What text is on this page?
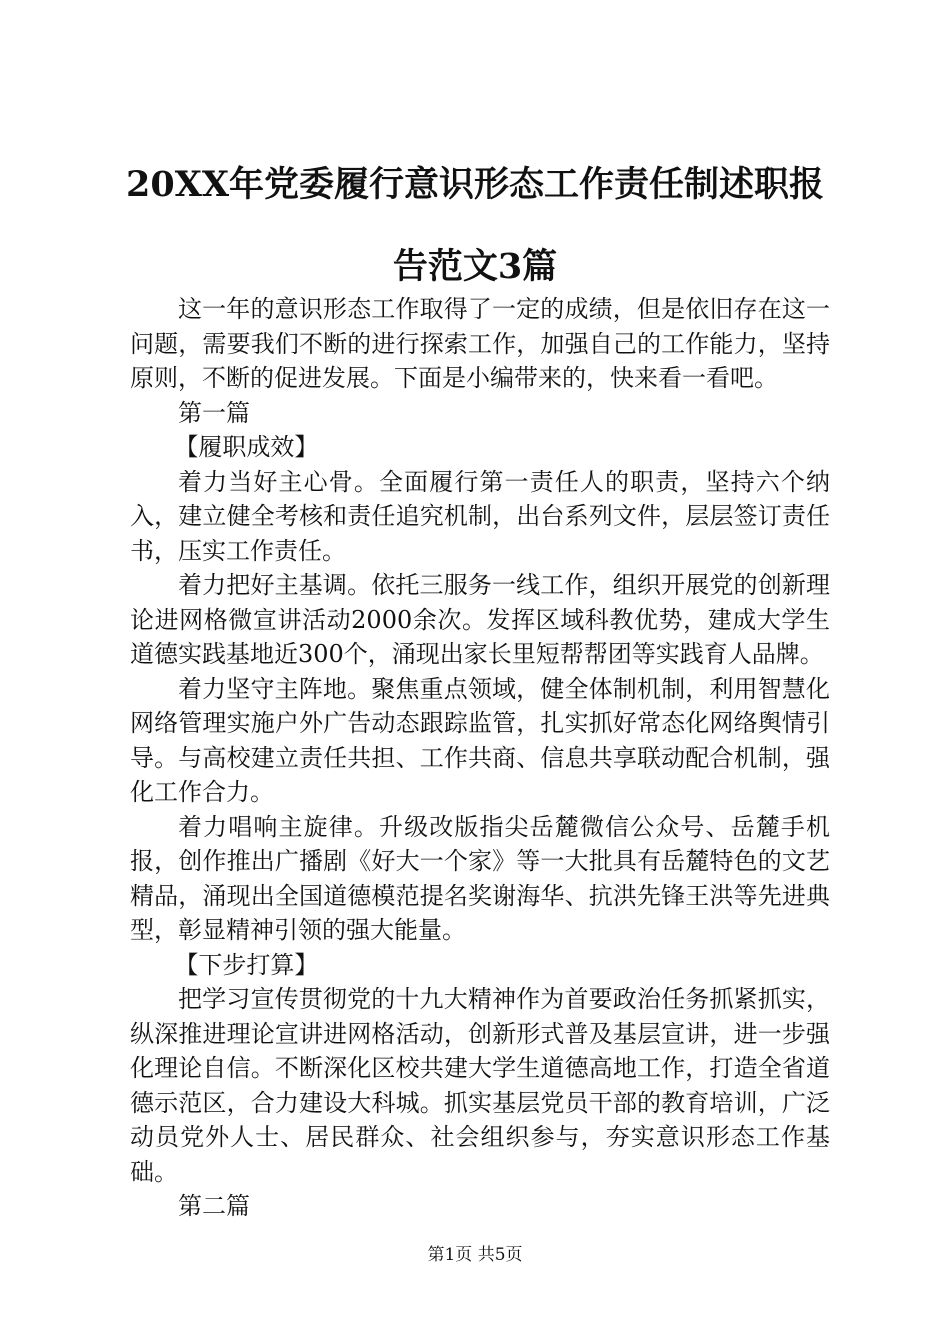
20XX年党委履行意识形态工作责任制述职报
告范文3篇

这一年的意识形态工作取得了一定的成绩，但是依旧存在这一问题，需要我们不断的进行探索工作，加强自己的工作能力，坚持原则，不断的促进发展。下面是小编带来的，快来看一看吧。

第一篇

【履职成效】

着力当好主心骨。全面履行第一责任人的职责，坚持六个纳入，建立健全考核和责任追究机制，出台系列文件，层层签订责任书，压实工作责任。

着力把好主基调。依托三服务一线工作，组织开展党的创新理论进网格微宣讲活动2000余次。发挥区域科教优势，建成大学生道德实践基地近300个，涌现出家长里短帮帮团等实践育人品牌。

着力坚守主阵地。聚焦重点领域，健全体制机制，利用智慧化网络管理实施户外广告动态跟踪监管，扎实抓好常态化网络舆情引导。与高校建立责任共担、工作共商、信息共享联动配合机制，强化工作合力。

着力唱响主旋律。升级改版指尖岳麓微信公众号、岳麓手机报，创作推出广播剧《好大一个家》等一大批具有岳麓特色的文艺精品，涌现出全国道德模范提名奖谢海华、抗洪先锋王洪等先进典型，彰显精神引领的强大能量。

【下步打算】

把学习宣传贯彻党的十九大精神作为首要政治任务抓紧抓实，纵深推进理论宣讲进网格活动，创新形式普及基层宣讲，进一步强化理论自信。不断深化区校共建大学生道德高地工作，打造全省道德示范区，合力建设大科城。抓实基层党员干部的教育培训，广泛动员党外人士、居民群众、社会组织参与，夯实意识形态工作基础。

第二篇

第1页 共5页
